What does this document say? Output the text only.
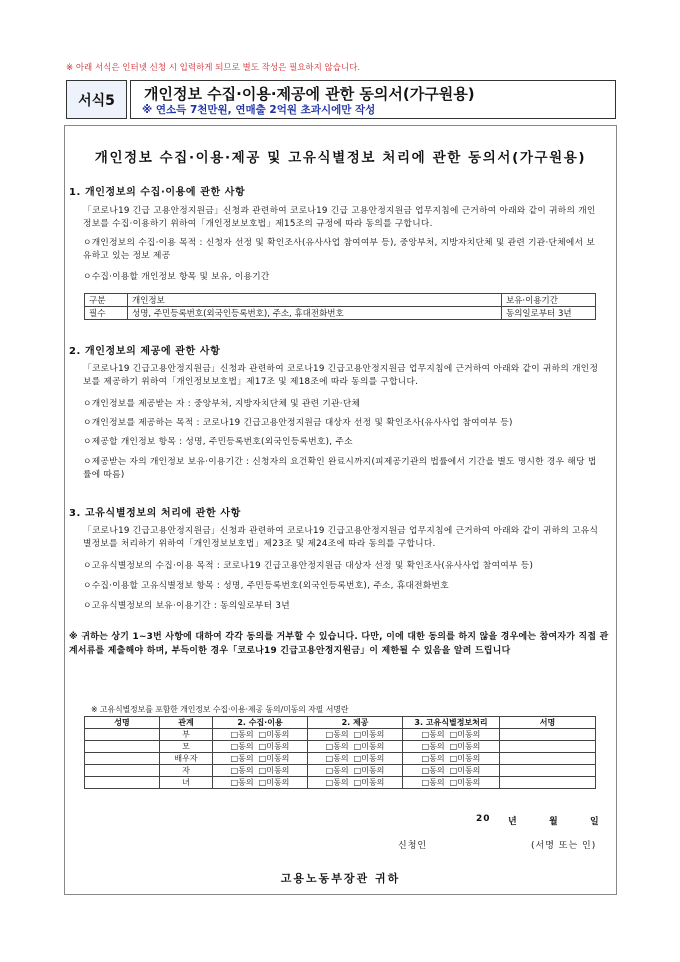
※ 아래 서식은 인터넷 신청 시 입력하게 되므로 별도 작성은 필요하지 않습니다.
서식5	개인정보 수집·이용·제공에 관한 동의서(가구원용)
※ 연소득 7천만원, 연매출 2억원 초과시에만 작성
개인정보 수집·이용·제공 및 고유식별정보 처리에 관한 동의서(가구원용)
1. 개인정보의 수집·이용에 관한 사항
「코로나19 긴급 고용안정지원금」신청과 관련하여 코로나19 긴급 고용안정지원금 업무지침에 근거하여 아래와 같이 귀하의 개인정보를 수집·이용하기 위하여「개인정보보호법」제15조의 규정에 따라 동의를 구합니다.
ㅇ개인정보의 수집·이용 목적 : 신청자 선정 및 확인조사(유사사업 참여여부 등), 중앙부처, 지방자치단체 및 관련 기관·단체에서 보유하고 있는 정보 제공
ㅇ수집·이용할 개인정보 항목 및 보유, 이용기간
구분	개인정보	보유·이용기간
필수	성명, 주민등록번호(외국인등록번호), 주소, 휴대전화번호	동의일로부터 3년
2. 개인정보의 제공에 관한 사항
「코로나19 긴급고용안정지원금」신청과 관련하여 코로나19 긴급고용안정지원금 업무지침에 근거하여 아래와 같이 귀하의 개인정보를 제공하기 위하여「개인정보보호법」제17조 및 제18조에 따라 동의를 구합니다.
ㅇ개인정보를 제공받는 자 : 중앙부처, 지방자치단체 및 관련 기관·단체
ㅇ개인정보를 제공하는 목적 : 코로나19 긴급고용안정지원금 대상자 선정 및 확인조사(유사사업 참여여부 등)
ㅇ제공할 개인정보 항목 : 성명, 주민등록번호(외국인등록번호), 주소
ㅇ제공받는 자의 개인정보 보유·이용기간 : 신청자의 요건확인 완료시까지(피제공기관의 법률에서 기간을 별도 명시한 경우 해당 법률에 따름)
3. 고유식별정보의 처리에 관한 사항
「코로나19 긴급고용안정지원금」신청과 관련하여 코로나19 긴급고용안정지원금 업무지침에 근거하여 아래와 같이 귀하의 고유식별정보를 처리하기 위하여「개인정보보호법」제23조 및 제24조에 따라 동의를 구합니다.
ㅇ고유식별정보의 수집·이용 목적 : 코로나19 긴급고용안정지원금 대상자 선정 및 확인조사(유사사업 참여여부 등)
ㅇ수집·이용할 고유식별정보 항목 : 성명, 주민등록번호(외국인등록번호), 주소, 휴대전화번호
ㅇ고유식별정보의 보유·이용기간 : 동의일로부터 3년
※ 귀하는 상기 1~3번 사항에 대하여 각각 동의를 거부할 수 있습니다. 다만, 이에 대한 동의를 하지 않을 경우에는 참여자가 직접 관계서류를 제출해야 하며, 부득이한 경우「코로나19 긴급고용안정지원금」이 제한될 수 있음을 알려 드립니다
※ 고유식별정보를 포함한 개인정보 수집·이용·제공 동의/미동의 자필 서명란
성명	관계	2. 수집·이용	2. 제공	3. 고유식별정보처리	서명
	부	□동의 □미동의	□동의 □미동의	□동의 □미동의	
	모	□동의 □미동의	□동의 □미동의	□동의 □미동의	
	배우자	□동의 □미동의	□동의 □미동의	□동의 □미동의	
	자	□동의 □미동의	□동의 □미동의	□동의 □미동의	
	녀	□동의 □미동의	□동의 □미동의	□동의 □미동의	
20 년	월	일
신청인	(서명 또는 인)
고용노동부장관 귀하
